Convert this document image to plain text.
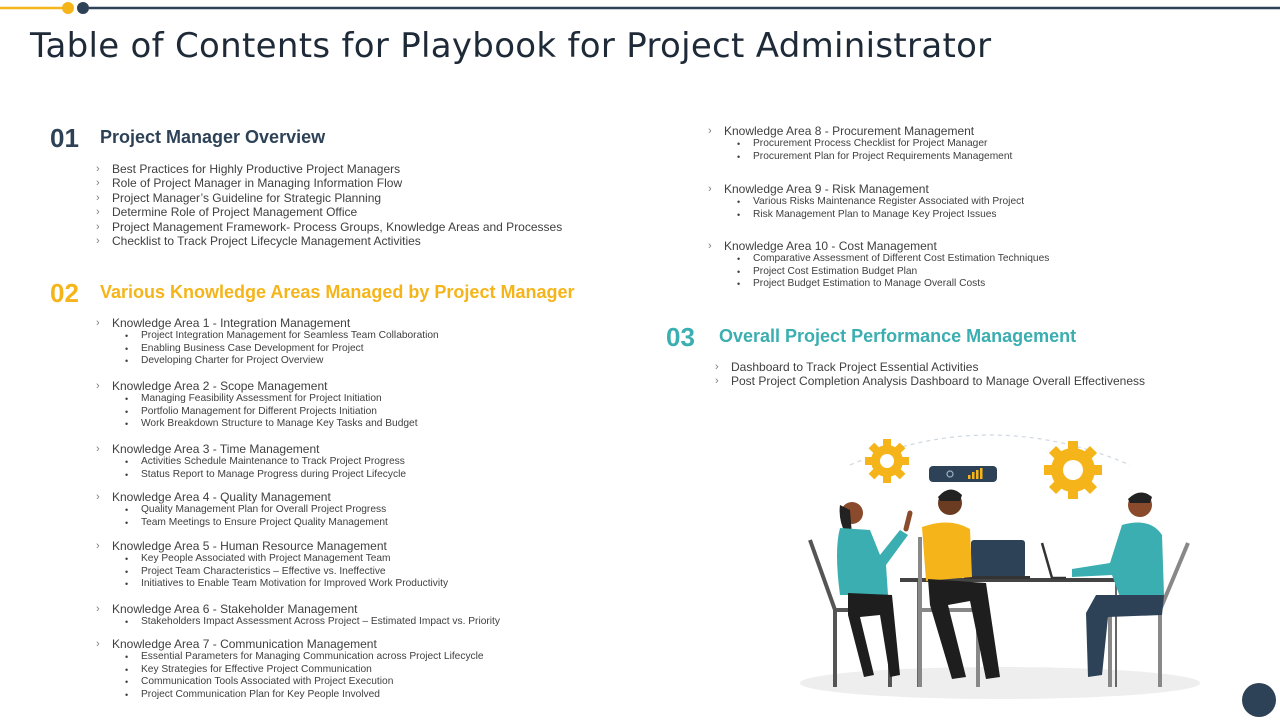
Table of Contents for Playbook for Project Administrator
01 Project Manager Overview
›	Best Practices for Highly Productive Project Managers
›	Role of Project Manager in Managing Information Flow
›	Project Manager’s Guideline for Strategic Planning
›	Determine Role of Project Management Office
›	Project Management Framework- Process Groups, Knowledge Areas and Processes
›	Checklist to Track Project Lifecycle Management Activities
02 Various Knowledge Areas Managed by Project Manager
›	Knowledge Area 1 - Integration Management
•	Project Integration Management for Seamless Team Collaboration
•	Enabling Business Case Development for Project
•	Developing Charter for Project Overview
›	Knowledge Area 2 - Scope Management
•	Managing Feasibility Assessment for Project Initiation
•	Portfolio Management for Different Projects Initiation
•	Work Breakdown Structure to Manage Key Tasks and Budget
›	Knowledge Area 3 - Time Management
•	Activities Schedule Maintenance to Track Project Progress
•	Status Report to Manage Progress during Project Lifecycle
›	Knowledge Area 4 - Quality Management
•	Quality Management Plan for Overall Project Progress
•	Team Meetings to Ensure Project Quality Management
›	Knowledge Area 5 - Human Resource Management
•	Key People Associated with Project Management Team
•	Project Team Characteristics – Effective vs. Ineffective
•	Initiatives to Enable Team Motivation for Improved Work Productivity
›	Knowledge Area 6 - Stakeholder Management
•	Stakeholders Impact Assessment Across Project – Estimated Impact vs. Priority
›	Knowledge Area 7 - Communication Management
•	Essential Parameters for Managing Communication across Project Lifecycle
•	Key Strategies for Effective Project Communication
•	Communication Tools Associated with Project Execution
•	Project Communication Plan for Key People Involved
›	Knowledge Area 8 - Procurement Management
•	Procurement Process Checklist for Project Manager
•	Procurement Plan for Project Requirements Management
›	Knowledge Area 9 - Risk Management
•	Various Risks Maintenance Register Associated with Project
•	Risk Management Plan to Manage Key Project Issues
›	Knowledge Area 10 - Cost Management
•	Comparative Assessment of Different Cost Estimation Techniques
•	Project Cost Estimation Budget Plan
•	Project Budget Estimation to Manage Overall Costs
03 Overall Project Performance Management
›	Dashboard to Track Project Essential Activities
›	Post Project Completion Analysis Dashboard to Manage Overall Effectiveness
